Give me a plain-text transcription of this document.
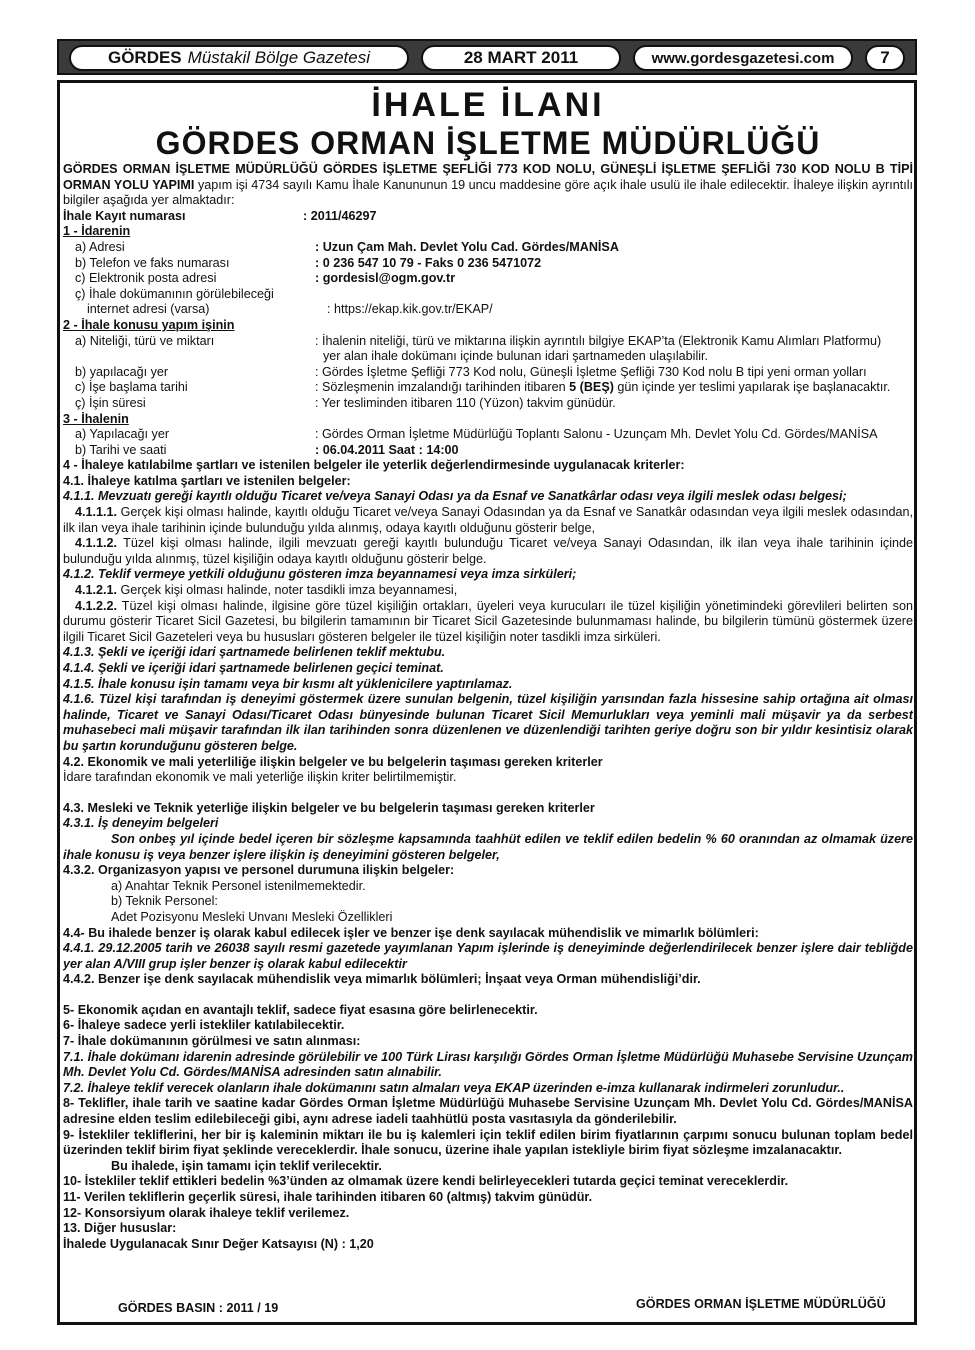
GÖRDES Müstakil Bölge Gazetesi	28 MART 2011	www.gordesgazetesi.com	7
İHALE İLANI
GÖRDES ORMAN İŞLETME MÜDÜRLÜĞÜ

GÖRDES ORMAN İŞLETME MÜDÜRLÜĞÜ GÖRDES İŞLETME ŞEFLİĞİ 773 KOD NOLU, GÜNEŞLİ İŞLETME ŞEFLİĞİ 730 KOD NOLU B TİPİ ORMAN YOLU YAPIMI yapım işi 4734 sayılı Kamu İhale Kanununun 19 uncu maddesine göre açık ihale usulü ile ihale edilecektir. İhaleye ilişkin ayrıntılı bilgiler aşağıda yer almaktadır:

İhale Kayıt numarası	: 2011/46297

1 - İdarenin

a) Adresi	: Uzun Çam Mah. Devlet Yolu Cad. Gördes/MANİSA
b) Telefon ve faks numarası	: 0 236 547 10 79 - Faks 0 236 5471072
c) Elektronik posta adresi	: gordesisl@ogm.gov.tr
ç) İhale dokümanının görülebileceği
internet adresi (varsa)	: https://ekap.kik.gov.tr/EKAP/

2 - İhale konusu yapım işinin

a) Niteliği, türü ve miktarı	: İhalenin niteliği, türü ve miktarına ilişkin ayrıntılı bilgiye EKAP’ta (Elektronik Kamu Alımları Platformu)
yer alan ihale dokümanı içinde bulunan idari şartnameden ulaşılabilir.
b) yapılacağı yer	: Gördes İşletme Şefliği 773 Kod nolu, Güneşli İşletme Şefliği 730 Kod nolu B tipi yeni orman yolları
c) İşe başlama tarihi	: Sözleşmenin imzalandığı tarihinden itibaren 5 (BEŞ) gün içinde yer teslimi yapılarak işe başlanacaktır.
ç) İşin süresi	: Yer tesliminden itibaren 110 (Yüzon) takvim günüdür.

3 - İhalenin

a) Yapılacağı yer	: Gördes Orman İşletme Müdürlüğü Toplantı Salonu - Uzunçam Mh. Devlet Yolu Cd. Gördes/MANİSA
b) Tarihi ve saati	: 06.04.2011 Saat : 14:00

4 - İhaleye katılabilme şartları ve istenilen belgeler ile yeterlik değerlendirmesinde uygulanacak kriterler:

4.1. İhaleye katılma şartları ve istenilen belgeler:

4.1.1. Mevzuatı gereği kayıtlı olduğu Ticaret ve/veya Sanayi Odası ya da Esnaf ve Sanatkârlar odası veya ilgili meslek odası belgesi;

4.1.1.1. Gerçek kişi olması halinde, kayıtlı olduğu Ticaret ve/veya Sanayi Odasından ya da Esnaf ve Sanatkâr odasından veya ilgili meslek odasından, ilk ilan veya ihale tarihinin içinde bulunduğu yılda alınmış, odaya kayıtlı olduğunu gösterir belge,

4.1.1.2. Tüzel kişi olması halinde, ilgili mevzuatı gereği kayıtlı bulunduğu Ticaret ve/veya Sanayi Odasından, ilk ilan veya ihale tarihinin içinde bulunduğu yılda alınmış, tüzel kişiliğin odaya kayıtlı olduğunu gösterir belge.

4.1.2. Teklif vermeye yetkili olduğunu gösteren imza beyannamesi veya imza sirküleri;

4.1.2.1. Gerçek kişi olması halinde, noter tasdikli imza beyannamesi,

4.1.2.2. Tüzel kişi olması halinde, ilgisine göre tüzel kişiliğin ortakları, üyeleri veya kurucuları ile tüzel kişiliğin yönetimindeki görevlileri belirten son durumu gösterir Ticaret Sicil Gazetesi, bu bilgilerin tamamının bir Ticaret Sicil Gazetesinde bulunmaması halinde, bu bilgilerin tümünü göstermek üzere ilgili Ticaret Sicil Gazeteleri veya bu hususları gösteren belgeler ile tüzel kişiliğin noter tasdikli imza sirküleri.

4.1.3. Şekli ve içeriği idari şartnamede belirlenen teklif mektubu.

4.1.4. Şekli ve içeriği idari şartnamede belirlenen geçici teminat.

4.1.5. İhale konusu işin tamamı veya bir kısmı alt yüklenicilere yaptırılamaz.

4.1.6. Tüzel kişi tarafından iş deneyimi göstermek üzere sunulan belgenin, tüzel kişiliğin yarısından fazla hissesine sahip ortağına ait olması halinde, Ticaret ve Sanayi Odası/Ticaret Odası bünyesinde bulunan Ticaret Sicil Memurlukları veya yeminli mali müşavir ya da serbest muhasebeci mali müşavir tarafından ilk ilan tarihinden sonra düzenlenen ve düzenlendiği tarihten geriye doğru son bir yıldır kesintisiz olarak bu şartın korunduğunu gösteren belge.

4.2. Ekonomik ve mali yeterliliğe ilişkin belgeler ve bu belgelerin taşıması gereken kriterler

İdare tarafından ekonomik ve mali yeterliğe ilişkin kriter belirtilmemiştir.

4.3. Mesleki ve Teknik yeterliğe ilişkin belgeler ve bu belgelerin taşıması gereken kriterler

4.3.1. İş deneyim belgeleri

Son onbeş yıl içinde bedel içeren bir sözleşme kapsamında taahhüt edilen ve teklif edilen bedelin % 60 oranından az olmamak üzere ihale konusu iş veya benzer işlere ilişkin iş deneyimini gösteren belgeler,

4.3.2. Organizasyon yapısı ve personel durumuna ilişkin belgeler:

a) Anahtar Teknik Personel istenilmemektedir.

b) Teknik Personel:

Adet Pozisyonu Mesleki Unvanı Mesleki Özellikleri

4.4- Bu ihalede benzer iş olarak kabul edilecek işler ve benzer işe denk sayılacak mühendislik ve mimarlık bölümleri:

4.4.1. 29.12.2005 tarih ve 26038 sayılı resmi gazetede yayımlanan Yapım işlerinde iş deneyiminde değerlendirilecek benzer işlere dair tebliğde yer alan A/VIII grup işler benzer iş olarak kabul edilecektir

4.4.2. Benzer işe denk sayılacak mühendislik veya mimarlık bölümleri; İnşaat veya Orman mühendisliği’dir.

5- Ekonomik açıdan en avantajlı teklif, sadece fiyat esasına göre belirlenecektir.

6- İhaleye sadece yerli istekliler katılabilecektir.

7- İhale dokümanının görülmesi ve satın alınması:

7.1. İhale dokümanı idarenin adresinde görülebilir ve 100 Türk Lirası karşılığı Gördes Orman İşletme Müdürlüğü Muhasebe Servisine Uzunçam Mh. Devlet Yolu Cd. Gördes/MANİSA adresinden satın alınabilir.

7.2. İhaleye teklif verecek olanların ihale dokümanını satın almaları veya EKAP üzerinden e-imza kullanarak indirmeleri zorunludur..

8- Teklifler, ihale tarih ve saatine kadar Gördes Orman İşletme Müdürlüğü Muhasebe Servisine Uzunçam Mh. Devlet Yolu Cd. Gördes/MANİSA adresine elden teslim edilebileceği gibi, aynı adrese iadeli taahhütlü posta vasıtasıyla da gönderilebilir.

9- İstekliler tekliflerini, her bir iş kaleminin miktarı ile bu iş kalemleri için teklif edilen birim fiyatlarının çarpımı sonucu bulunan toplam bedel üzerinden teklif birim fiyat şeklinde vereceklerdir. İhale sonucu, üzerine ihale yapılan istekliyle birim fiyat sözleşme imzalanacaktır.

Bu ihalede, işin tamamı için teklif verilecektir.

10- İstekliler teklif ettikleri bedelin %3’ünden az olmamak üzere kendi belirleyecekleri tutarda geçici teminat vereceklerdir.

11- Verilen tekliflerin geçerlik süresi, ihale tarihinden itibaren 60 (altmış) takvim günüdür.

12- Konsorsiyum olarak ihaleye teklif verilemez.

13. Diğer hususlar:

İhalede Uygulanacak Sınır Değer Katsayısı (N) : 1,20

GÖRDES BASIN : 2011 / 19	GÖRDES ORMAN İŞLETME MÜDÜRLÜĞÜ
